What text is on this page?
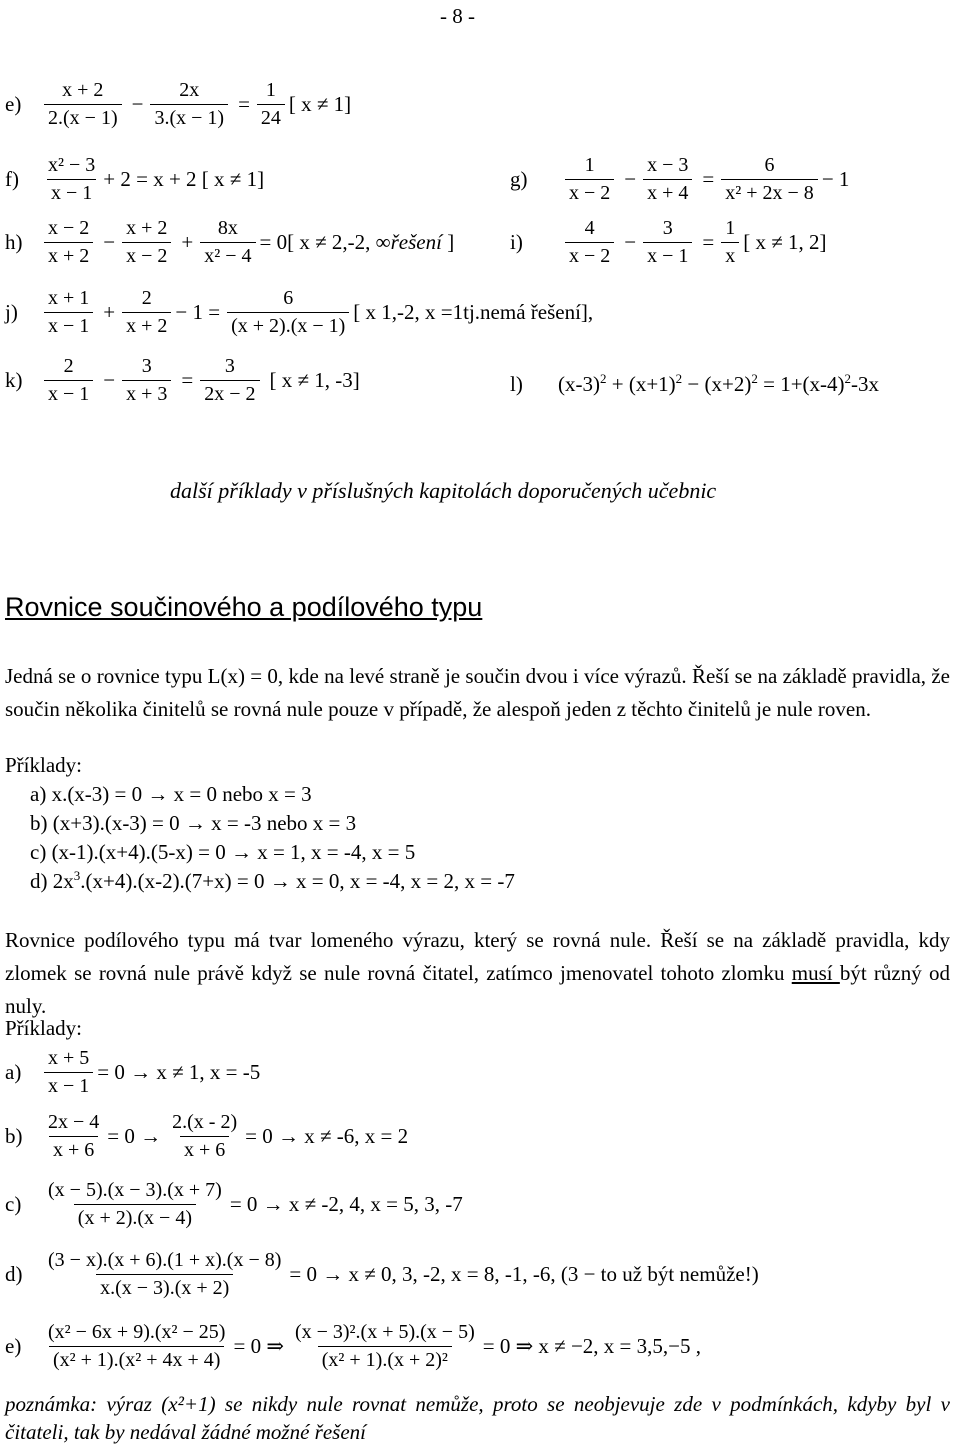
- 8 -
e)	$\frac{x + 2}{2.(x - 1)} - \frac{2x}{3.(x - 1)} = \frac{1}{24}$ [ x ≠ 1]
f)	$\frac{\text{x² − 3}}{x - 1} + 2 = x + 2$ [ x ≠ 1]	g)	$\frac{1}{x - 2} - \frac{x - 3}{x + 4} = \frac{6}{\text{x² + 2x − 8}} - 1$
h)	$\frac{x - 2}{x + 2} - \frac{x + 2}{x - 2} + \frac{8x}{\text{x² − 4}} = 0$[ x ≠ 2,-2, ∞řešení ]	i)	$\frac{4}{x - 2} - \frac{3}{x - 1} = \frac{1}{x}$ [ x ≠ 1, 2]
j)	$\frac{x + 1}{x - 1} + \frac{2}{x + 2} - 1 = \frac{6}{(x + 2).(x - 1)}$ [ x 1,-2, x =1tj.nemá řešení],
k)	$\frac{2}{x - 1} - \frac{3}{x + 3} = \frac{3}{2x - 2}$ [ x ≠ 1, -3]	l) $(x-3)^2 + (x+1)^2 - (x+2)^2 = 1+(x-4)^2-3x$
další příklady v příslušných kapitolách doporučených učebnic
Rovnice součinového a podílového typu
Jedná se o rovnice typu L(x) = 0, kde na levé straně je součin dvou i více výrazů. Řeší se na základě pravidla, že součin několika činitelů se rovná nule pouze v případě, že alespoň jeden z těchto činitelů je nule roven.
Příklady:
a) x.(x-3) = 0 → x = 0 nebo x = 3
b) (x+3).(x-3) = 0 → x = -3 nebo x = 3
c) (x-1).(x+4).(5-x) = 0 → x = 1, x = -4, x = 5
d) $2x^3.(x+4).(x-2).(7+x) = 0 \to x = 0$, x = -4, x = 2, x = -7
Rovnice podílového typu má tvar lomeného výrazu, který se rovná nule. Řeší se na základě pravidla, kdy zlomek se rovná nule právě když se nule rovná čitatel, zatímco jmenovatel tohoto zlomku musí být různý od nuly.
Příklady:
a)	$\frac{x + 5}{x - 1} = 0 \to x \ne 1$, x = -5
b)	$\frac{2x - 4}{x + 6} = 0 \to \frac{2.(x - 2)}{x + 6} = 0 \to x \ne -6$, x = 2
c)	$\frac{(x - 5).(x - 3).(x + 7)}{(x + 2).(x - 4)} = 0 \to x \ne -2$, 4, x = 5, 3, -7
d)	$\frac{(3 - x).(x + 6).(1 + x).(x - 8)}{x.(x - 3).(x + 2)} = 0 \to x \ne 0$, 3, -2, x = 8, -1, -6, (3 − to už být nemůže!)
e)	$\frac{\text{(x² − 6x + 9).(x² − 25)}}{\text{(x² + 1).(x² + 4x + 4)}} = 0$ ⇒ $\frac{\text{(x − 3)².(x + 5).(x − 5)}}{\text{(x² + 1).(x + 2)²}} = 0$ ⇒ x ≠ −2, x = 3,5,−5 ,
poznámka: výraz (x²+1) se nikdy nule rovnat nemůže, proto se neobjevuje zde v podmínkách, kdyby byl v čitateli, tak by nedával žádné možné řešení
